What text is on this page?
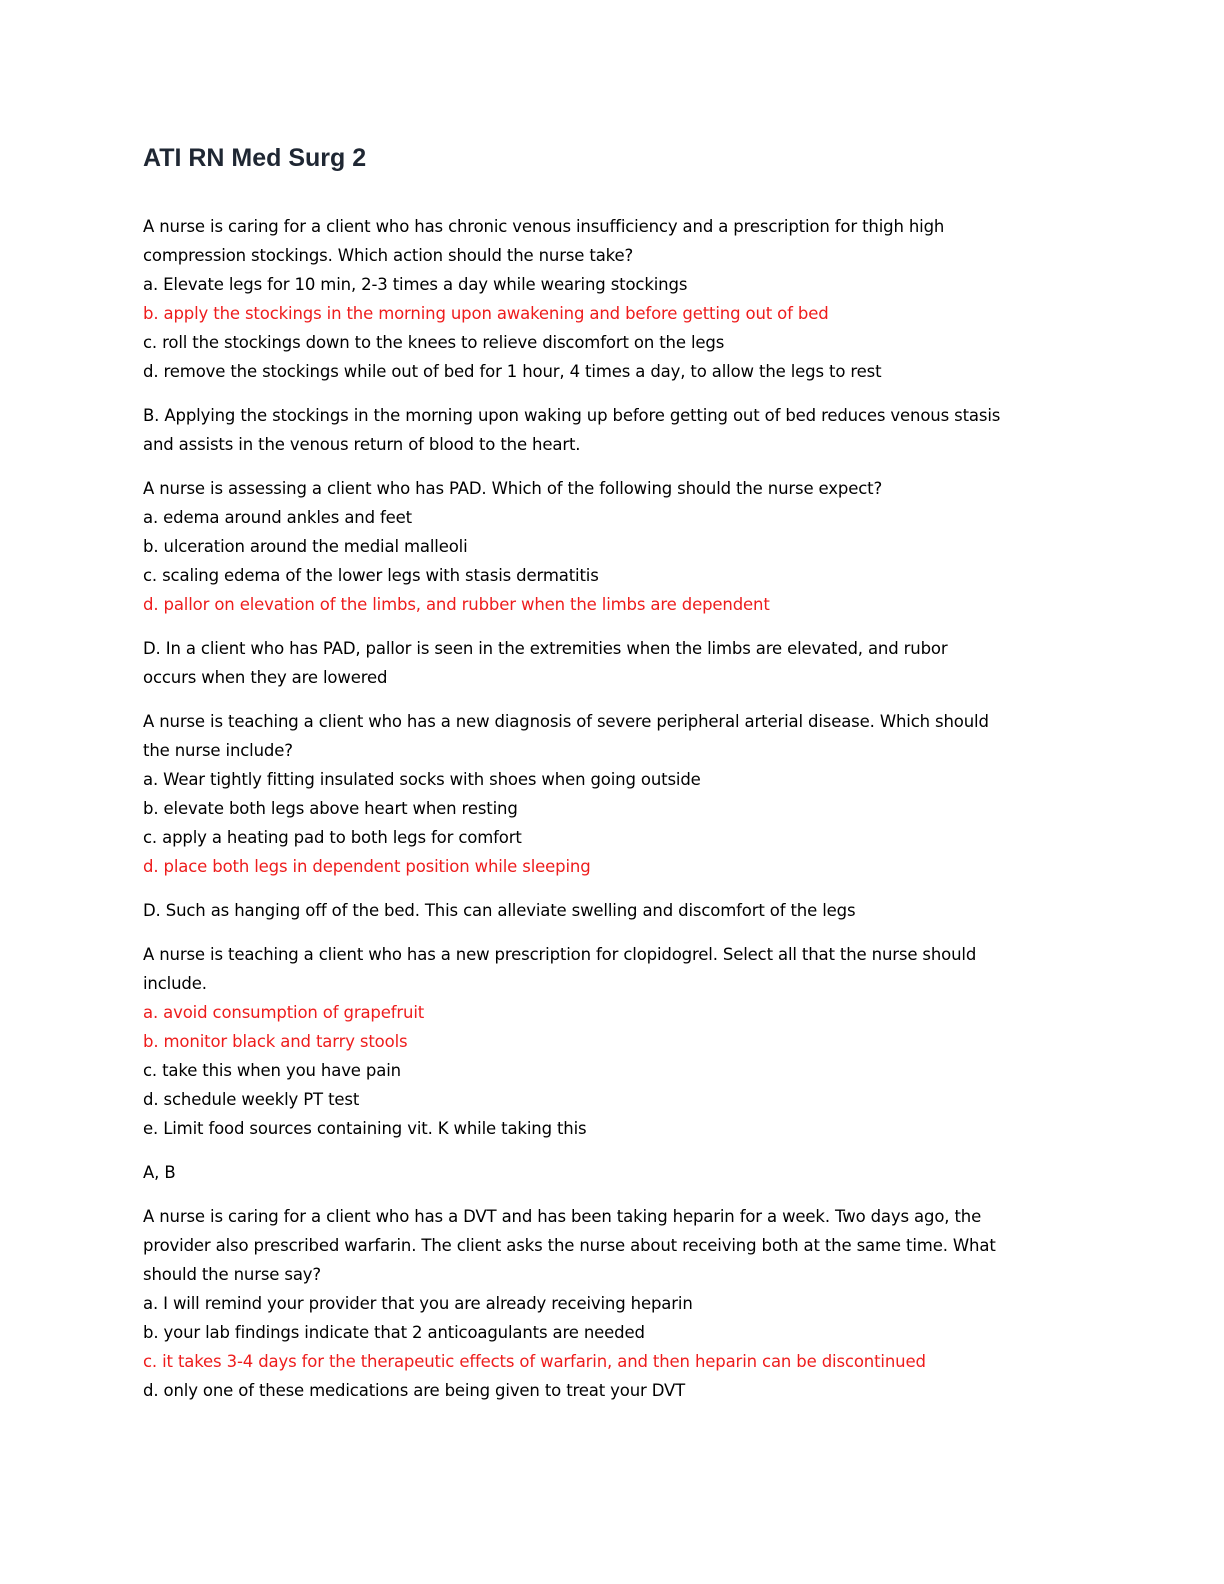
ATI RN Med Surg 2
A nurse is caring for a client who has chronic venous insufficiency and a prescription for thigh high
compression stockings. Which action should the nurse take?
a. Elevate legs for 10 min, 2-3 times a day while wearing stockings
b. apply the stockings in the morning upon awakening and before getting out of bed
c. roll the stockings down to the knees to relieve discomfort on the legs
d. remove the stockings while out of bed for 1 hour, 4 times a day, to allow the legs to rest
B. Applying the stockings in the morning upon waking up before getting out of bed reduces venous stasis
and assists in the venous return of blood to the heart.
A nurse is assessing a client who has PAD. Which of the following should the nurse expect?
a. edema around ankles and feet
b. ulceration around the medial malleoli
c. scaling edema of the lower legs with stasis dermatitis
d. pallor on elevation of the limbs, and rubber when the limbs are dependent
D. In a client who has PAD, pallor is seen in the extremities when the limbs are elevated, and rubor
occurs when they are lowered
A nurse is teaching a client who has a new diagnosis of severe peripheral arterial disease. Which should
the nurse include?
a. Wear tightly fitting insulated socks with shoes when going outside
b. elevate both legs above heart when resting
c. apply a heating pad to both legs for comfort
d. place both legs in dependent position while sleeping
D. Such as hanging off of the bed. This can alleviate swelling and discomfort of the legs
A nurse is teaching a client who has a new prescription for clopidogrel. Select all that the nurse should
include.
a. avoid consumption of grapefruit
b. monitor black and tarry stools
c. take this when you have pain
d. schedule weekly PT test
e. Limit food sources containing vit. K while taking this
A, B
A nurse is caring for a client who has a DVT and has been taking heparin for a week. Two days ago, the
provider also prescribed warfarin. The client asks the nurse about receiving both at the same time. What
should the nurse say?
a. I will remind your provider that you are already receiving heparin
b. your lab findings indicate that 2 anticoagulants are needed
c. it takes 3-4 days for the therapeutic effects of warfarin, and then heparin can be discontinued
d. only one of these medications are being given to treat your DVT
